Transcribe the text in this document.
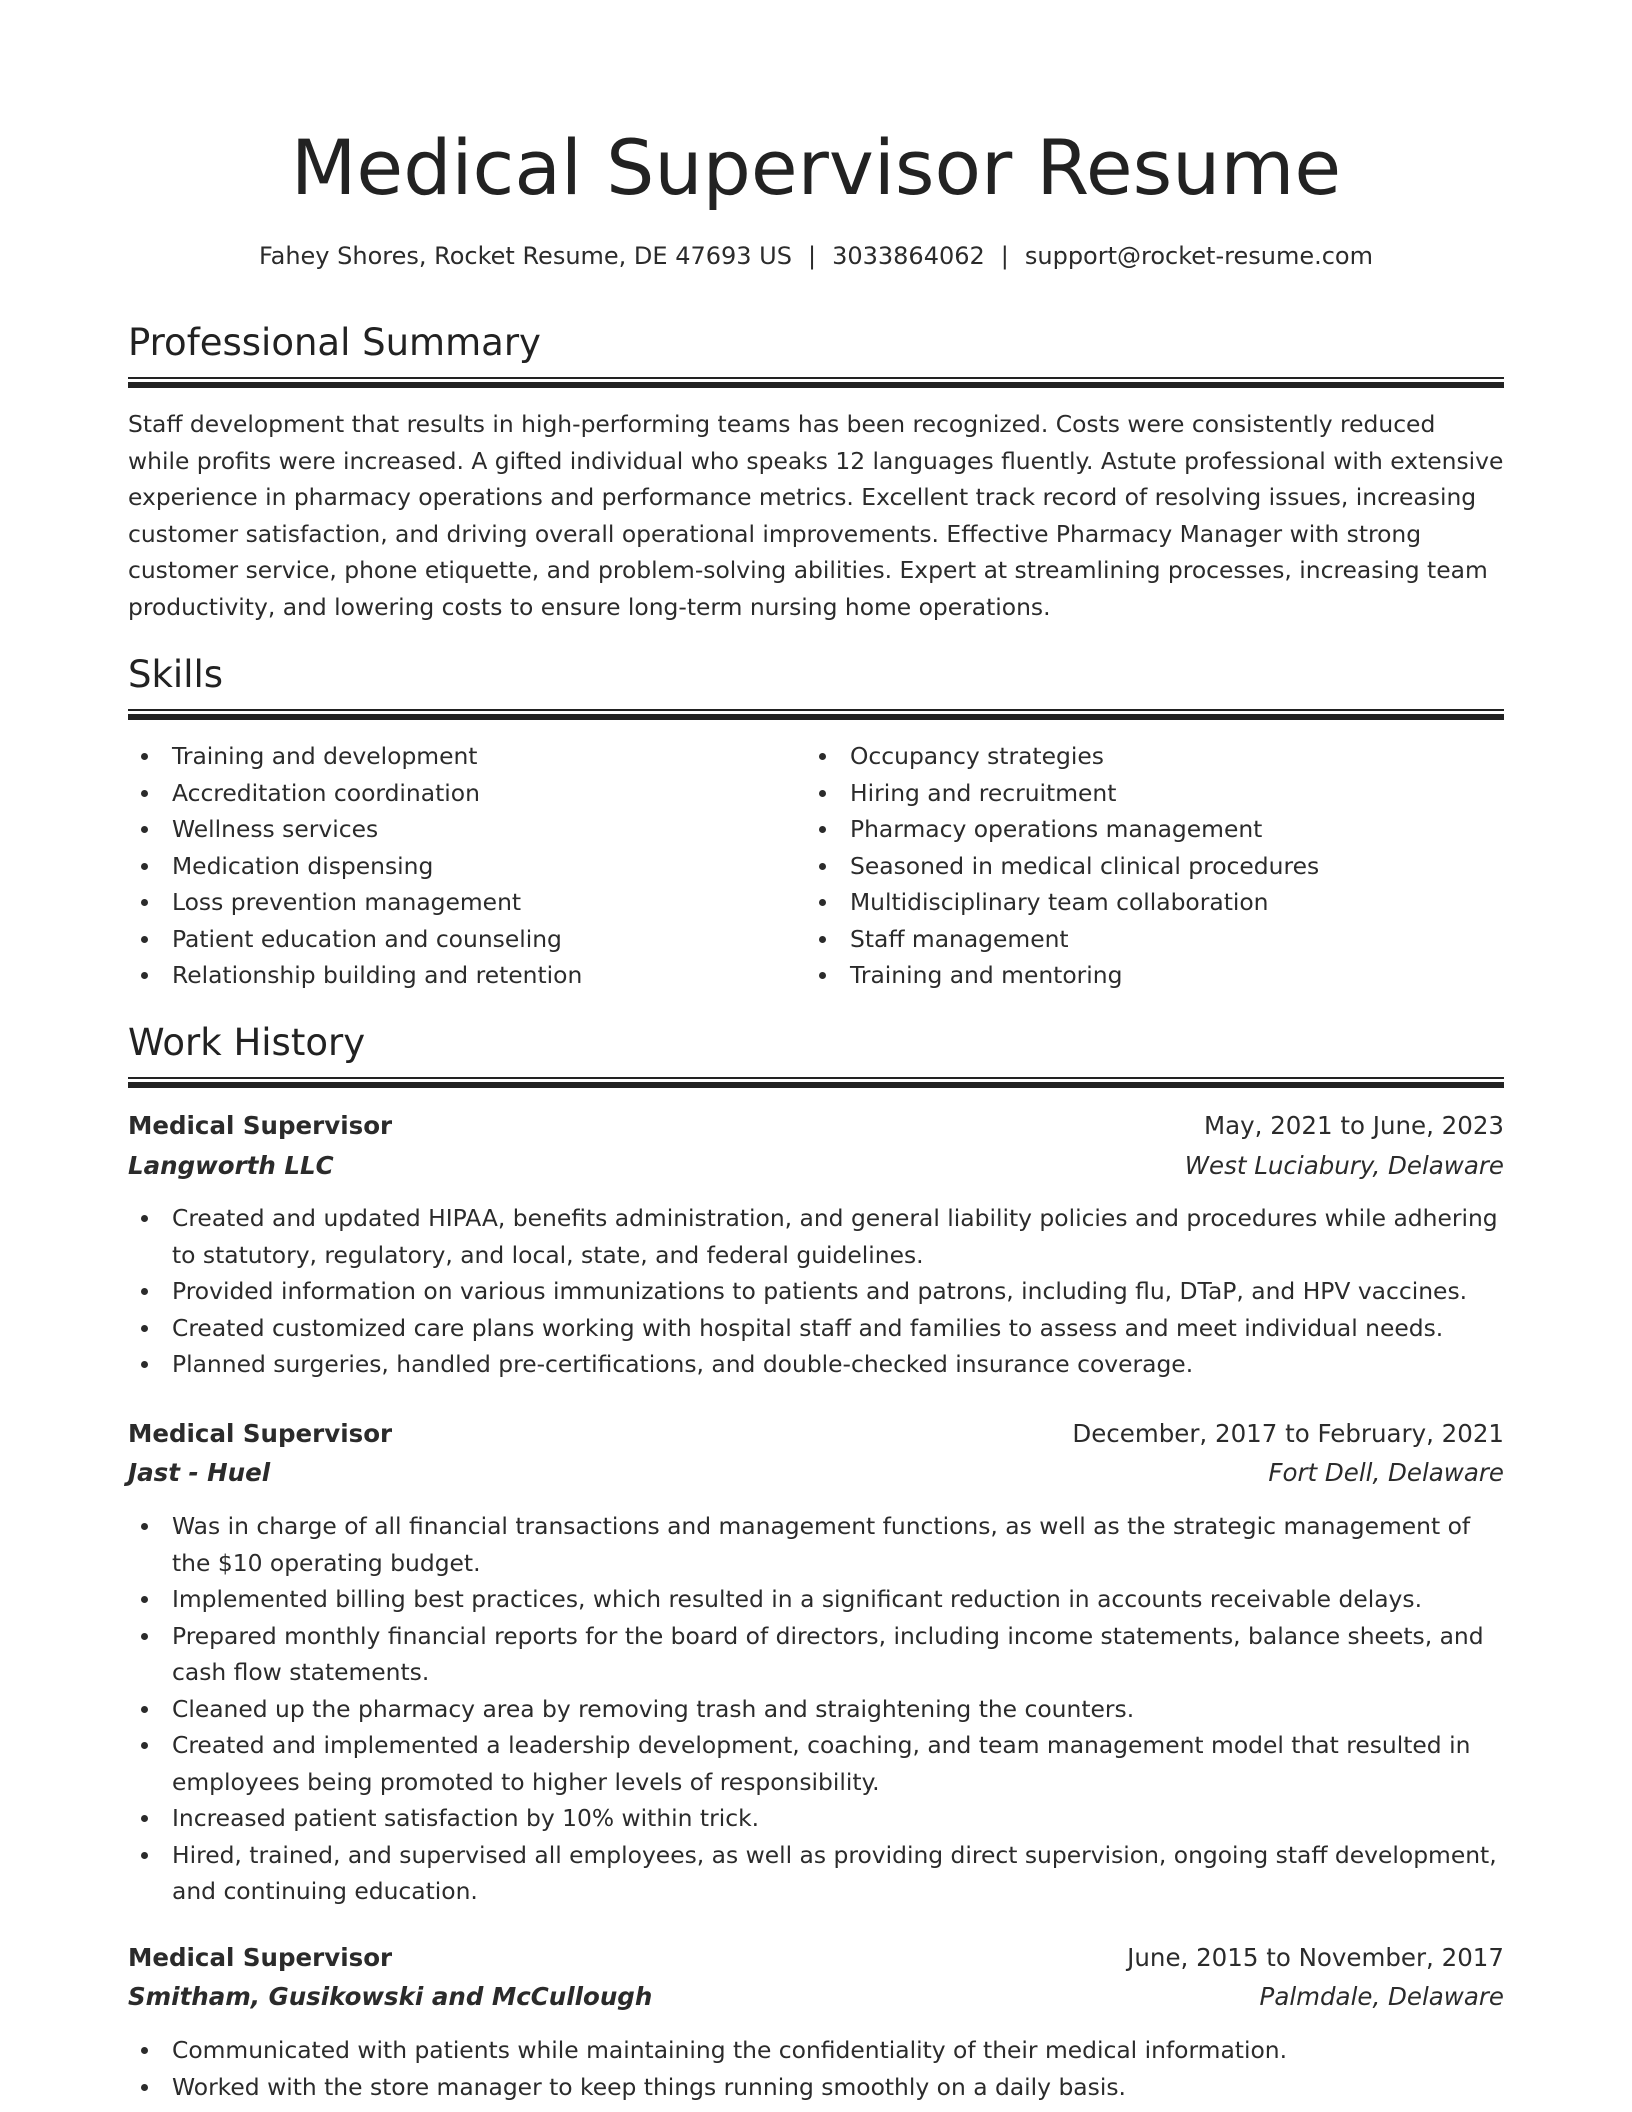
Medical Supervisor Resume
Fahey Shores, Rocket Resume, DE 47693 US | 3033864062 | support@rocket-resume.com
Professional Summary
Staff development that results in high-performing teams has been recognized. Costs were consistently reduced while profits were increased. A gifted individual who speaks 12 languages fluently. Astute professional with extensive experience in pharmacy operations and performance metrics. Excellent track record of resolving issues, increasing customer satisfaction, and driving overall operational improvements. Effective Pharmacy Manager with strong customer service, phone etiquette, and problem-solving abilities. Expert at streamlining processes, increasing team productivity, and lowering costs to ensure long-term nursing home operations.
Skills
Training and development
Accreditation coordination
Wellness services
Medication dispensing
Loss prevention management
Patient education and counseling
Relationship building and retention
Occupancy strategies
Hiring and recruitment
Pharmacy operations management
Seasoned in medical clinical procedures
Multidisciplinary team collaboration
Staff management
Training and mentoring
Work History
Medical Supervisor	May, 2021 to June, 2023
Langworth LLC	West Luciabury, Delaware
Created and updated HIPAA, benefits administration, and general liability policies and procedures while adhering to statutory, regulatory, and local, state, and federal guidelines.
Provided information on various immunizations to patients and patrons, including flu, DTaP, and HPV vaccines.
Created customized care plans working with hospital staff and families to assess and meet individual needs.
Planned surgeries, handled pre-certifications, and double-checked insurance coverage.
Medical Supervisor	December, 2017 to February, 2021
Jast - Huel	Fort Dell, Delaware
Was in charge of all financial transactions and management functions, as well as the strategic management of the $10 operating budget.
Implemented billing best practices, which resulted in a significant reduction in accounts receivable delays.
Prepared monthly financial reports for the board of directors, including income statements, balance sheets, and cash flow statements.
Cleaned up the pharmacy area by removing trash and straightening the counters.
Created and implemented a leadership development, coaching, and team management model that resulted in employees being promoted to higher levels of responsibility.
Increased patient satisfaction by 10% within trick.
Hired, trained, and supervised all employees, as well as providing direct supervision, ongoing staff development, and continuing education.
Medical Supervisor	June, 2015 to November, 2017
Smitham, Gusikowski and McCullough	Palmdale, Delaware
Communicated with patients while maintaining the confidentiality of their medical information.
Worked with the store manager to keep things running smoothly on a daily basis.
